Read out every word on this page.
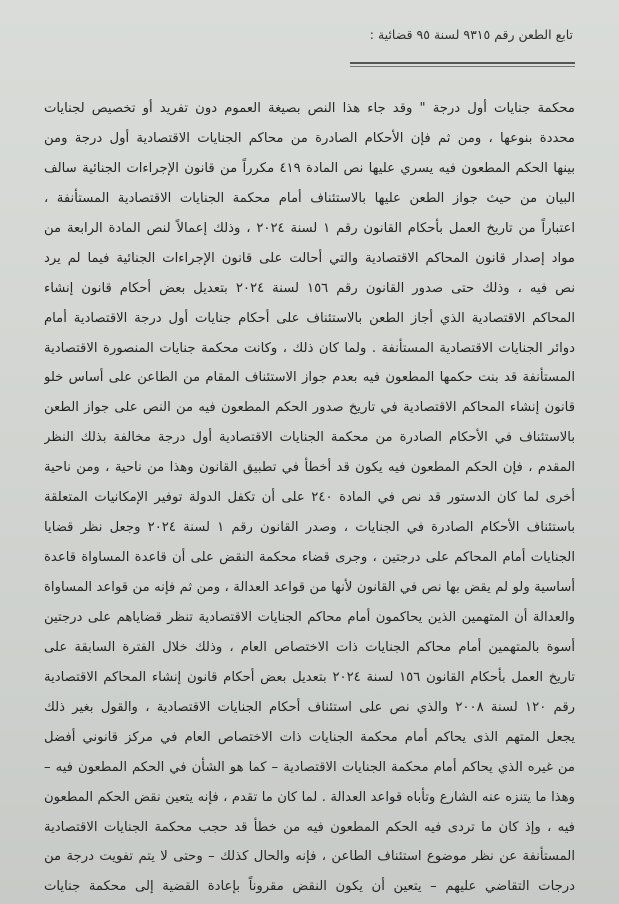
تابع الطعن رقم ٩٣١٥ لسنة ٩٥ قضائية :
محكمة جنايات أول درجة " وقد جاء هذا النص بصيغة العموم دون تفريد أو تخصيص لجنايات
محددة بنوعها ، ومن ثم فإن الأحكام الصادرة من محاكم الجنايات الاقتصادية أول درجة ومن
بينها الحكم المطعون فيه يسري عليها نص المادة ٤١٩ مكرراً من قانون الإجراءات الجنائية سالف
البيان من حيث جواز الطعن عليها بالاستئناف أمام محكمة الجنايات الاقتصادية المستأنفة ،
اعتباراً من تاريخ العمل بأحكام القانون رقم ١ لسنة ٢٠٢٤ ، وذلك إعمالاً لنص المادة الرابعة من
مواد إصدار قانون المحاكم الاقتصادية والتي أحالت على قانون الإجراءات الجنائية فيما لم يرد
نص فيه ، وذلك حتى صدور القانون رقم ١٥٦ لسنة ٢٠٢٤ بتعديل بعض أحكام قانون إنشاء
المحاكم الاقتصادية الذي أجاز الطعن بالاستئناف على أحكام جنايات أول درجة الاقتصادية أمام
دوائر الجنايات الاقتصادية المستأنفة . ولما كان ذلك ، وكانت محكمة جنايات المنصورة الاقتصادية
المستأنفة قد بنت حكمها المطعون فيه بعدم جواز الاستئناف المقام من الطاعن على أساس خلو
قانون إنشاء المحاكم الاقتصادية في تاريخ صدور الحكم المطعون فيه من النص على جواز الطعن
بالاستئناف في الأحكام الصادرة من محكمة الجنايات الاقتصادية أول درجة مخالفة بذلك النظر
المقدم ، فإن الحكم المطعون فيه يكون قد أخطأ في تطبيق القانون وهذا من ناحية ، ومن ناحية
أخرى لما كان الدستور قد نص في المادة ٢٤٠ على أن تكفل الدولة توفير الإمكانيات المتعلقة
باستئناف الأحكام الصادرة في الجنايات ، وصدر القانون رقم ١ لسنة ٢٠٢٤ وجعل نظر قضايا
الجنايات أمام المحاكم على درجتين ، وجرى قضاء محكمة النقض على أن قاعدة المساواة قاعدة
أساسية ولو لم يقض بها نص في القانون لأنها من قواعد العدالة ، ومن ثم فإنه من قواعد المساواة
والعدالة أن المتهمين الذين يحاكمون أمام محاكم الجنايات الاقتصادية تنظر قضاياهم على درجتين
أسوة بالمتهمين أمام محاكم الجنايات ذات الاختصاص العام ، وذلك خلال الفترة السابقة على
تاريخ العمل بأحكام القانون ١٥٦ لسنة ٢٠٢٤ بتعديل بعض أحكام قانون إنشاء المحاكم الاقتصادية
رقم ١٢٠ لسنة ٢٠٠٨ والذي نص على استئناف أحكام الجنايات الاقتصادية ، والقول بغير ذلك
يجعل المتهم الذى يحاكم أمام محكمة الجنايات ذات الاختصاص العام في مركز قانوني أفضل
من غيره الذي يحاكم أمام محكمة الجنايات الاقتصادية – كما هو الشأن في الحكم المطعون فيه –
وهذا ما يتنزه عنه الشارع وتأباه قواعد العدالة . لما كان ما تقدم ، فإنه يتعين نقض الحكم المطعون
فيه ، وإذ كان ما تردى فيه الحكم المطعون فيه من خطأ قد حجب محكمة الجنايات الاقتصادية
المستأنفة عن نظر موضوع استئناف الطاعن ، فإنه والحال كذلك – وحتى لا يتم تفويت درجة من
درجات التقاضي عليهم – يتعين أن يكون النقض مقروناً بإعادة القضية إلى محكمة جنايات
